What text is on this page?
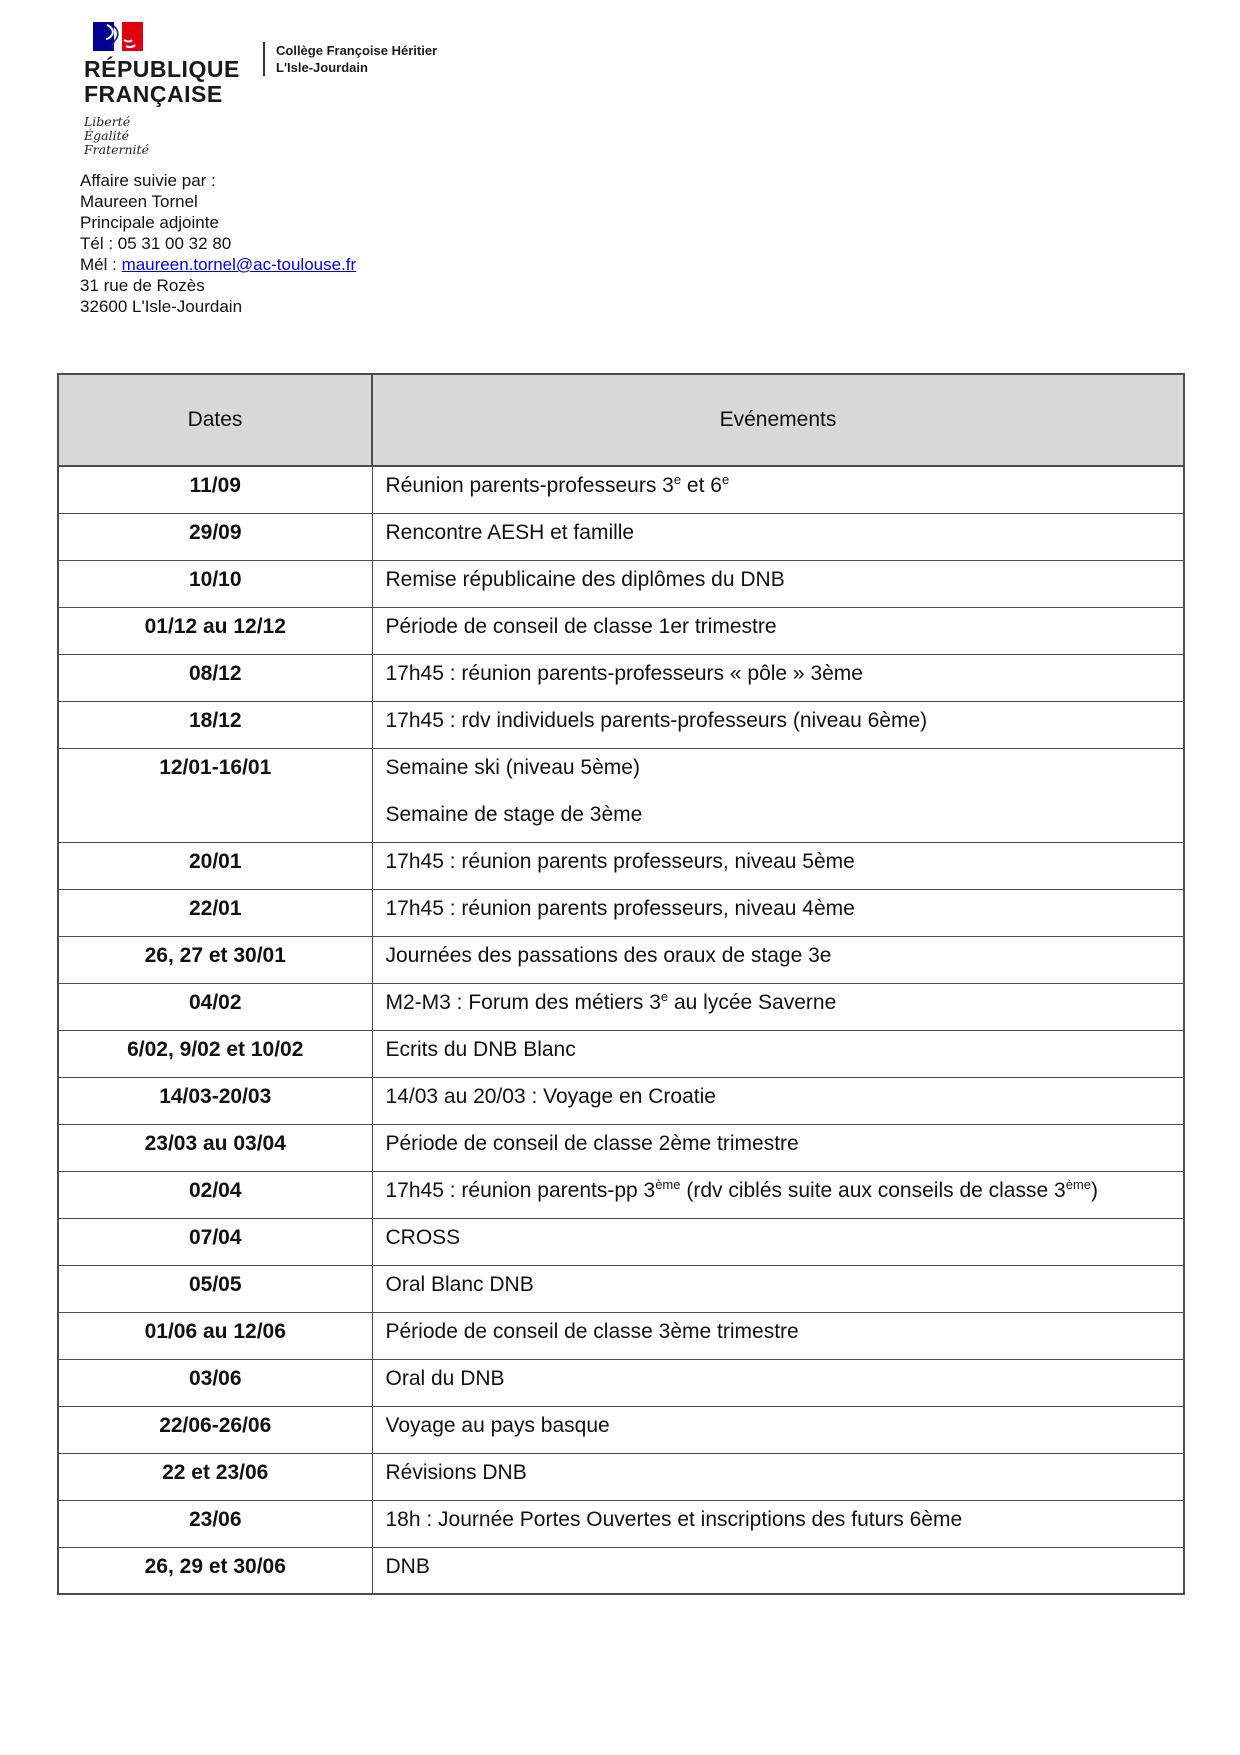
RÉPUBLIQUE
FRANÇAISE
Liberté
Égalité
Fraternité
Collège Françoise Héritier
L'Isle-Jourdain
Affaire suivie par :
Maureen Tornel
Principale adjointe
Tél : 05 31 00 32 80
Mél : maureen.tornel@ac-toulouse.fr
31 rue de Rozès
32600 L'Isle-Jourdain
Dates	Evénements
11/09	Réunion parents-professeurs 3e et 6e

29/09	Rencontre AESH et famille

10/10	Remise républicaine des diplômes du DNB

01/12 au 12/12	Période de conseil de classe 1er trimestre

08/12	17h45 : réunion parents-professeurs « pôle » 3ème

18/12	17h45 : rdv individuels parents-professeurs (niveau 6ème)

12/01-16/01	Semaine ski (niveau 5ème)
Semaine de stage de 3ème

20/01	17h45 : réunion parents professeurs, niveau 5ème

22/01	17h45 : réunion parents professeurs, niveau 4ème

26, 27 et 30/01	Journées des passations des oraux de stage 3e

04/02	M2-M3 : Forum des métiers 3e au lycée Saverne

6/02, 9/02 et 10/02	Ecrits du DNB Blanc

14/03-20/03	14/03 au 20/03 : Voyage en Croatie

23/03 au 03/04	Période de conseil de classe 2ème trimestre

02/04	17h45 : réunion parents-pp 3ème (rdv ciblés suite aux conseils de classe 3ème)

07/04	CROSS

05/05	Oral Blanc DNB

01/06 au 12/06	Période de conseil de classe 3ème trimestre

03/06	Oral du DNB

22/06-26/06	Voyage au pays basque

22 et 23/06	Révisions DNB

23/06	18h : Journée Portes Ouvertes et inscriptions des futurs 6ème

26, 29 et 30/06	DNB
